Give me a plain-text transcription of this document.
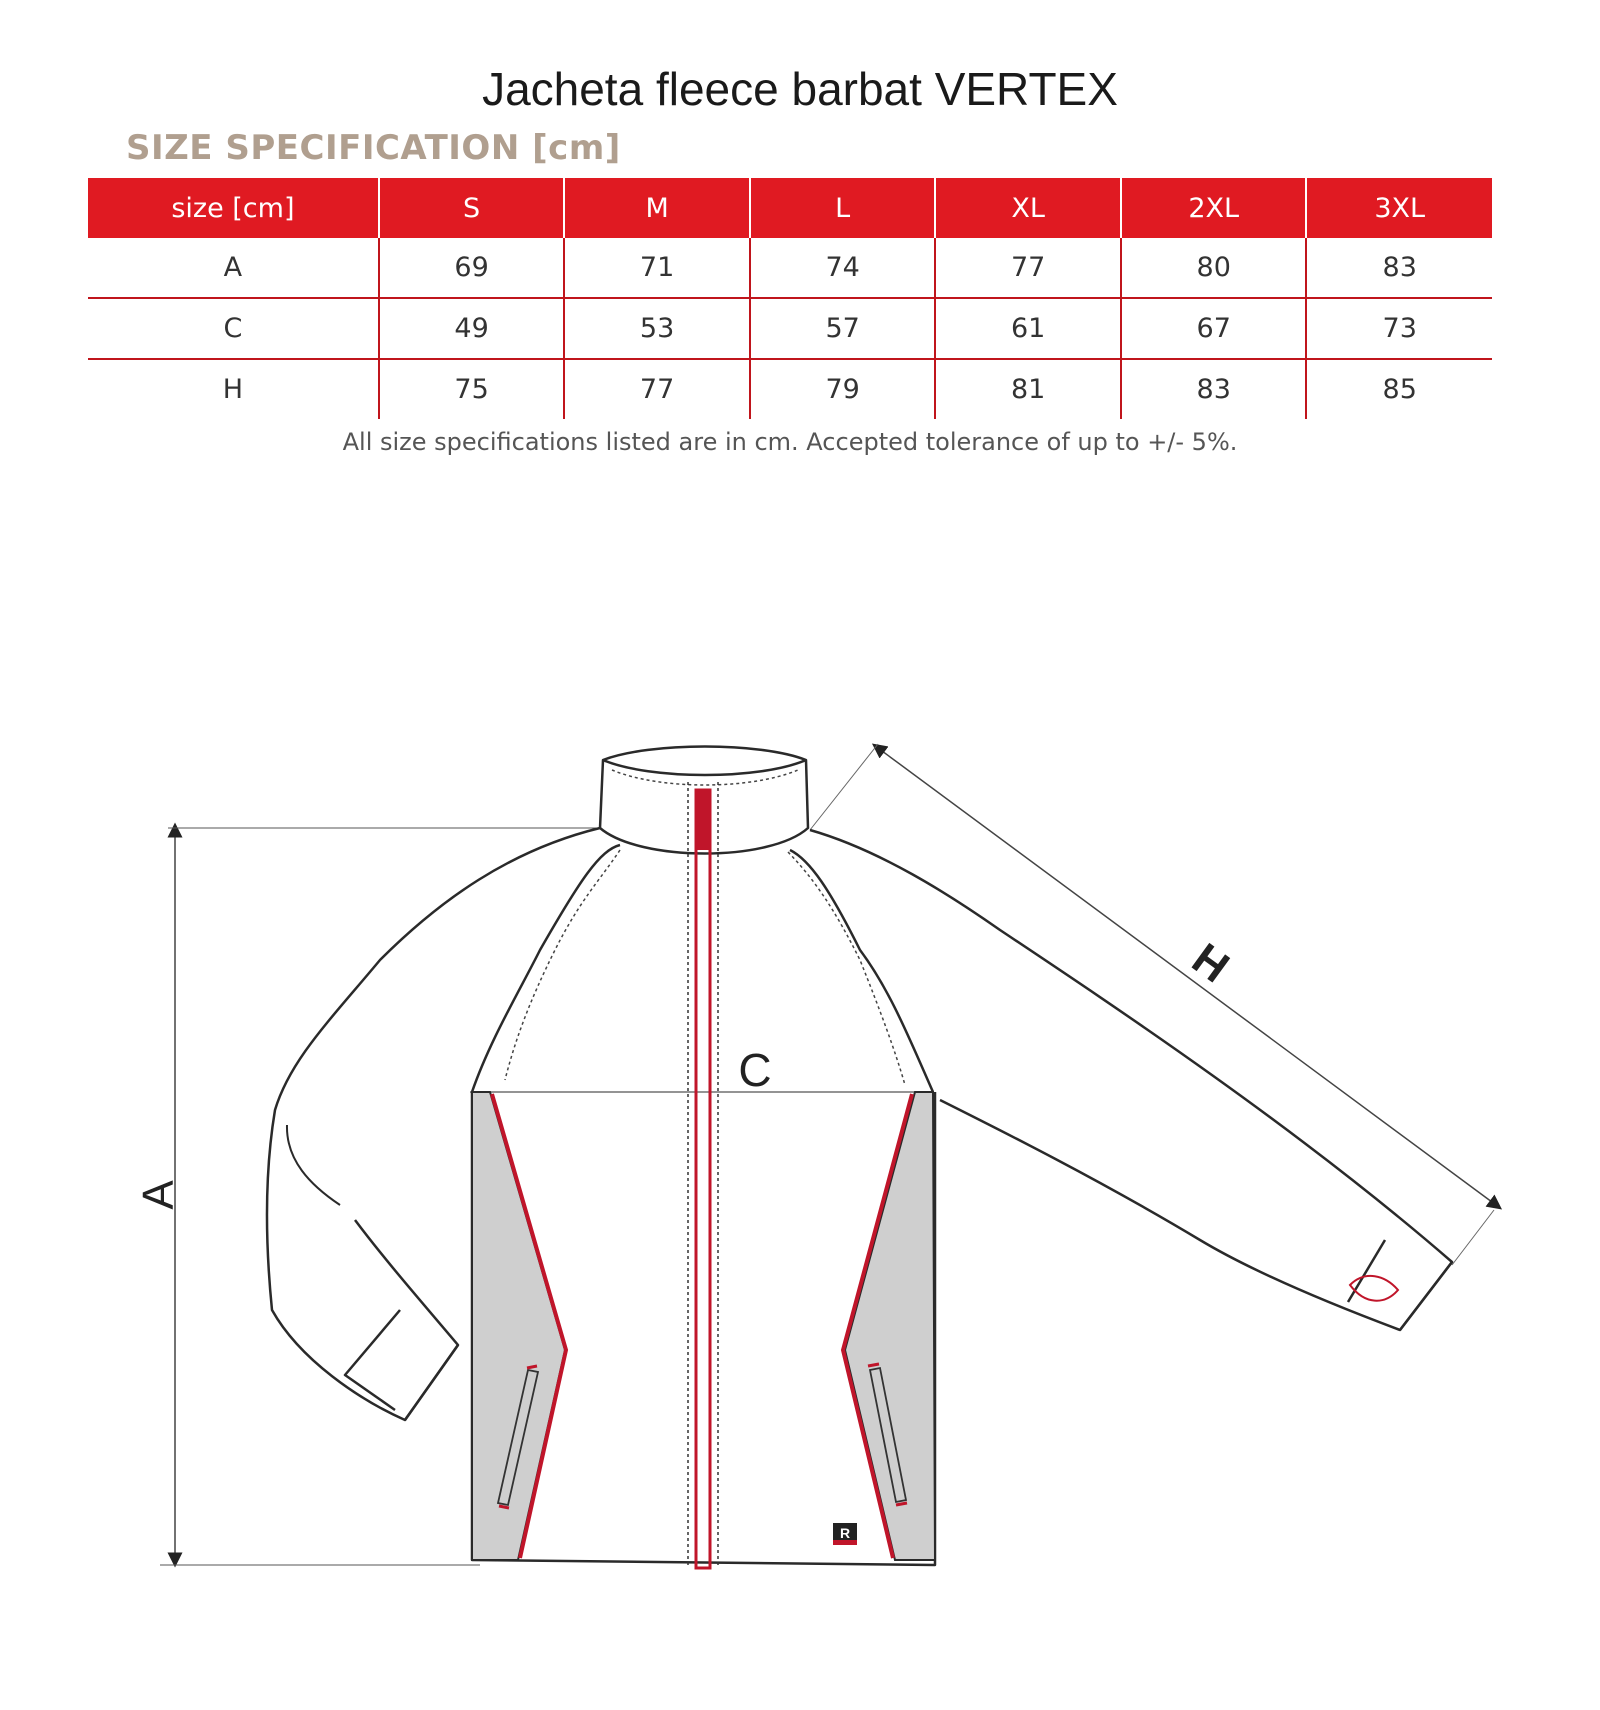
Jacheta fleece barbat VERTEX
SIZE SPECIFICATION [cm]
size [cm]	S	M	L	XL	2XL	3XL
A	69	71	74	77	80	83
C	49	53	57	61	67	73
H	75	77	79	81	83	85
All size specifications listed are in cm. Accepted tolerance of up to +/- 5%.
A
H
C
R
